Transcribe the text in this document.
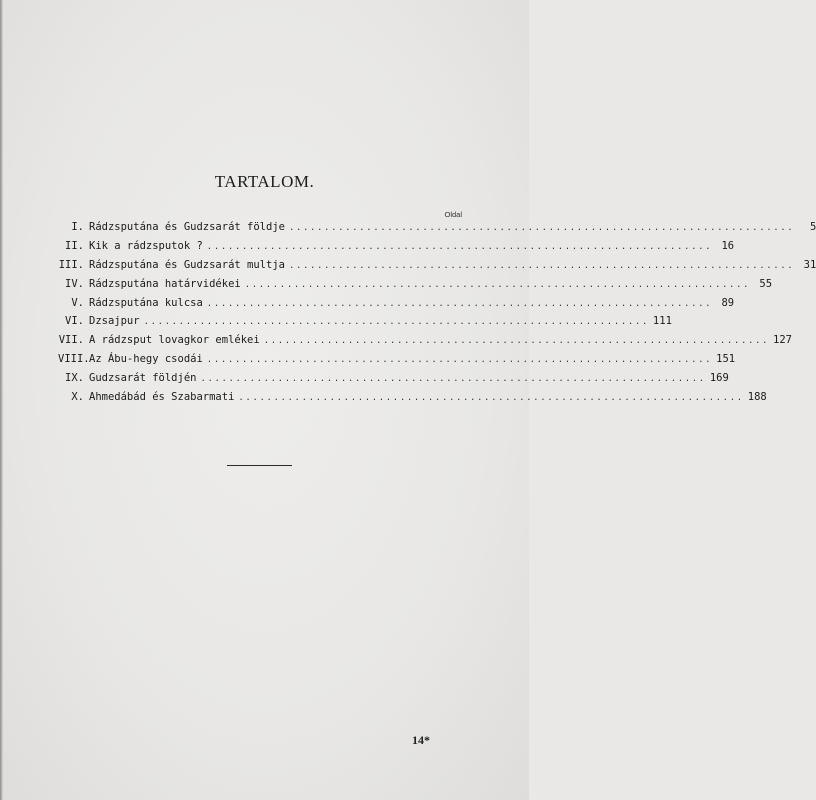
TARTALOM.
Oldal
I. Rádzsputána és Gudzsarát földje ........................................................................	5
II. Kik a rádzsputok ? ........................................................................ 16
III. Rádzsputána és Gudzsarát multja ........................................................................ 31
IV. Rádzsputána határvidékei ........................................................................ 55
V. Rádzsputána kulcsa ........................................................................ 89
VI. Dzsajpur ........................................................................ 111
VII. A rádzsput lovagkor emlékei ........................................................................ 127
VIII. Az Ábu-hegy csodái ........................................................................ 151
IX. Gudzsarát földjén ........................................................................ 169
X. Ahmedábád és Szabarmati ........................................................................ 188
14*
